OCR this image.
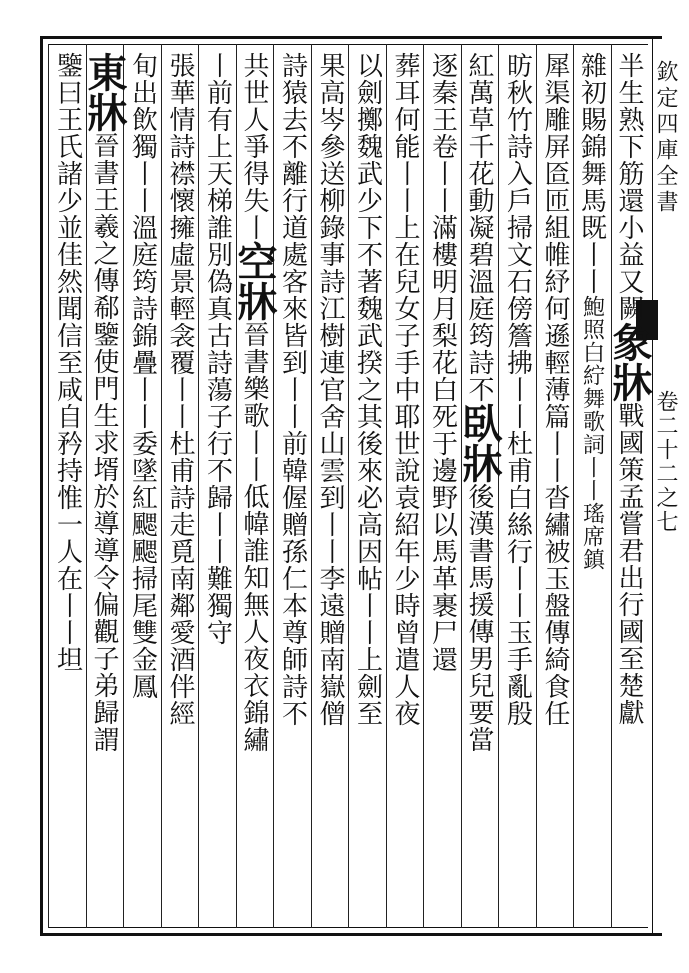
欽定四庫全書
卷二十二之七
半生熟下筋還小益又闕象牀戰國策孟嘗君出行國至楚獻
雜初賜錦舞馬既丨丨鮑照白紵舞歌詞丨丨瑤席鎮
犀渠雕屏匼匝組帷紓何遜輕薄篇丨丨沓繡被玉盤傳綺食任
昉秋竹詩入戶掃文石傍簷拂丨丨杜甫白絲行丨丨玉手亂殷
紅萬草千花動凝碧溫庭筠詩不臥牀後漢書馬援傳男兒要當
逐秦王卷丨丨滿樓明月梨花白死于邊野以馬革裹尸還
葬耳何能丨丨上在兒女子手中耶世說袁紹年少時曾遣人夜
以劍擲魏武少下不著魏武揆之其後來必高因帖丨丨上劍至
果高岑參送柳錄事詩江樹連官舍山雲到丨丨李遠贈南嶽僧
詩猿去不離行道處客來皆到丨丨前韓偓贈孫仁本尊師詩不
共世人爭得失丨空牀晉書樂歌丨丨低幃誰知無人夜衣錦繡
丨前有上天梯誰別偽真古詩蕩子行不歸丨丨難獨守
張華情詩襟懷擁虛景輕衾覆丨丨杜甫詩走覓南鄰愛酒伴經
旬出飲獨丨丨溫庭筠詩錦疊丨丨委墜紅颸颸掃尾雙金鳳
東牀晉書王羲之傳郗鑒使門生求壻於導導令偏觀子弟歸謂
鑒曰王氏諸少並佳然聞信至咸自矜持惟一人在丨丨坦
